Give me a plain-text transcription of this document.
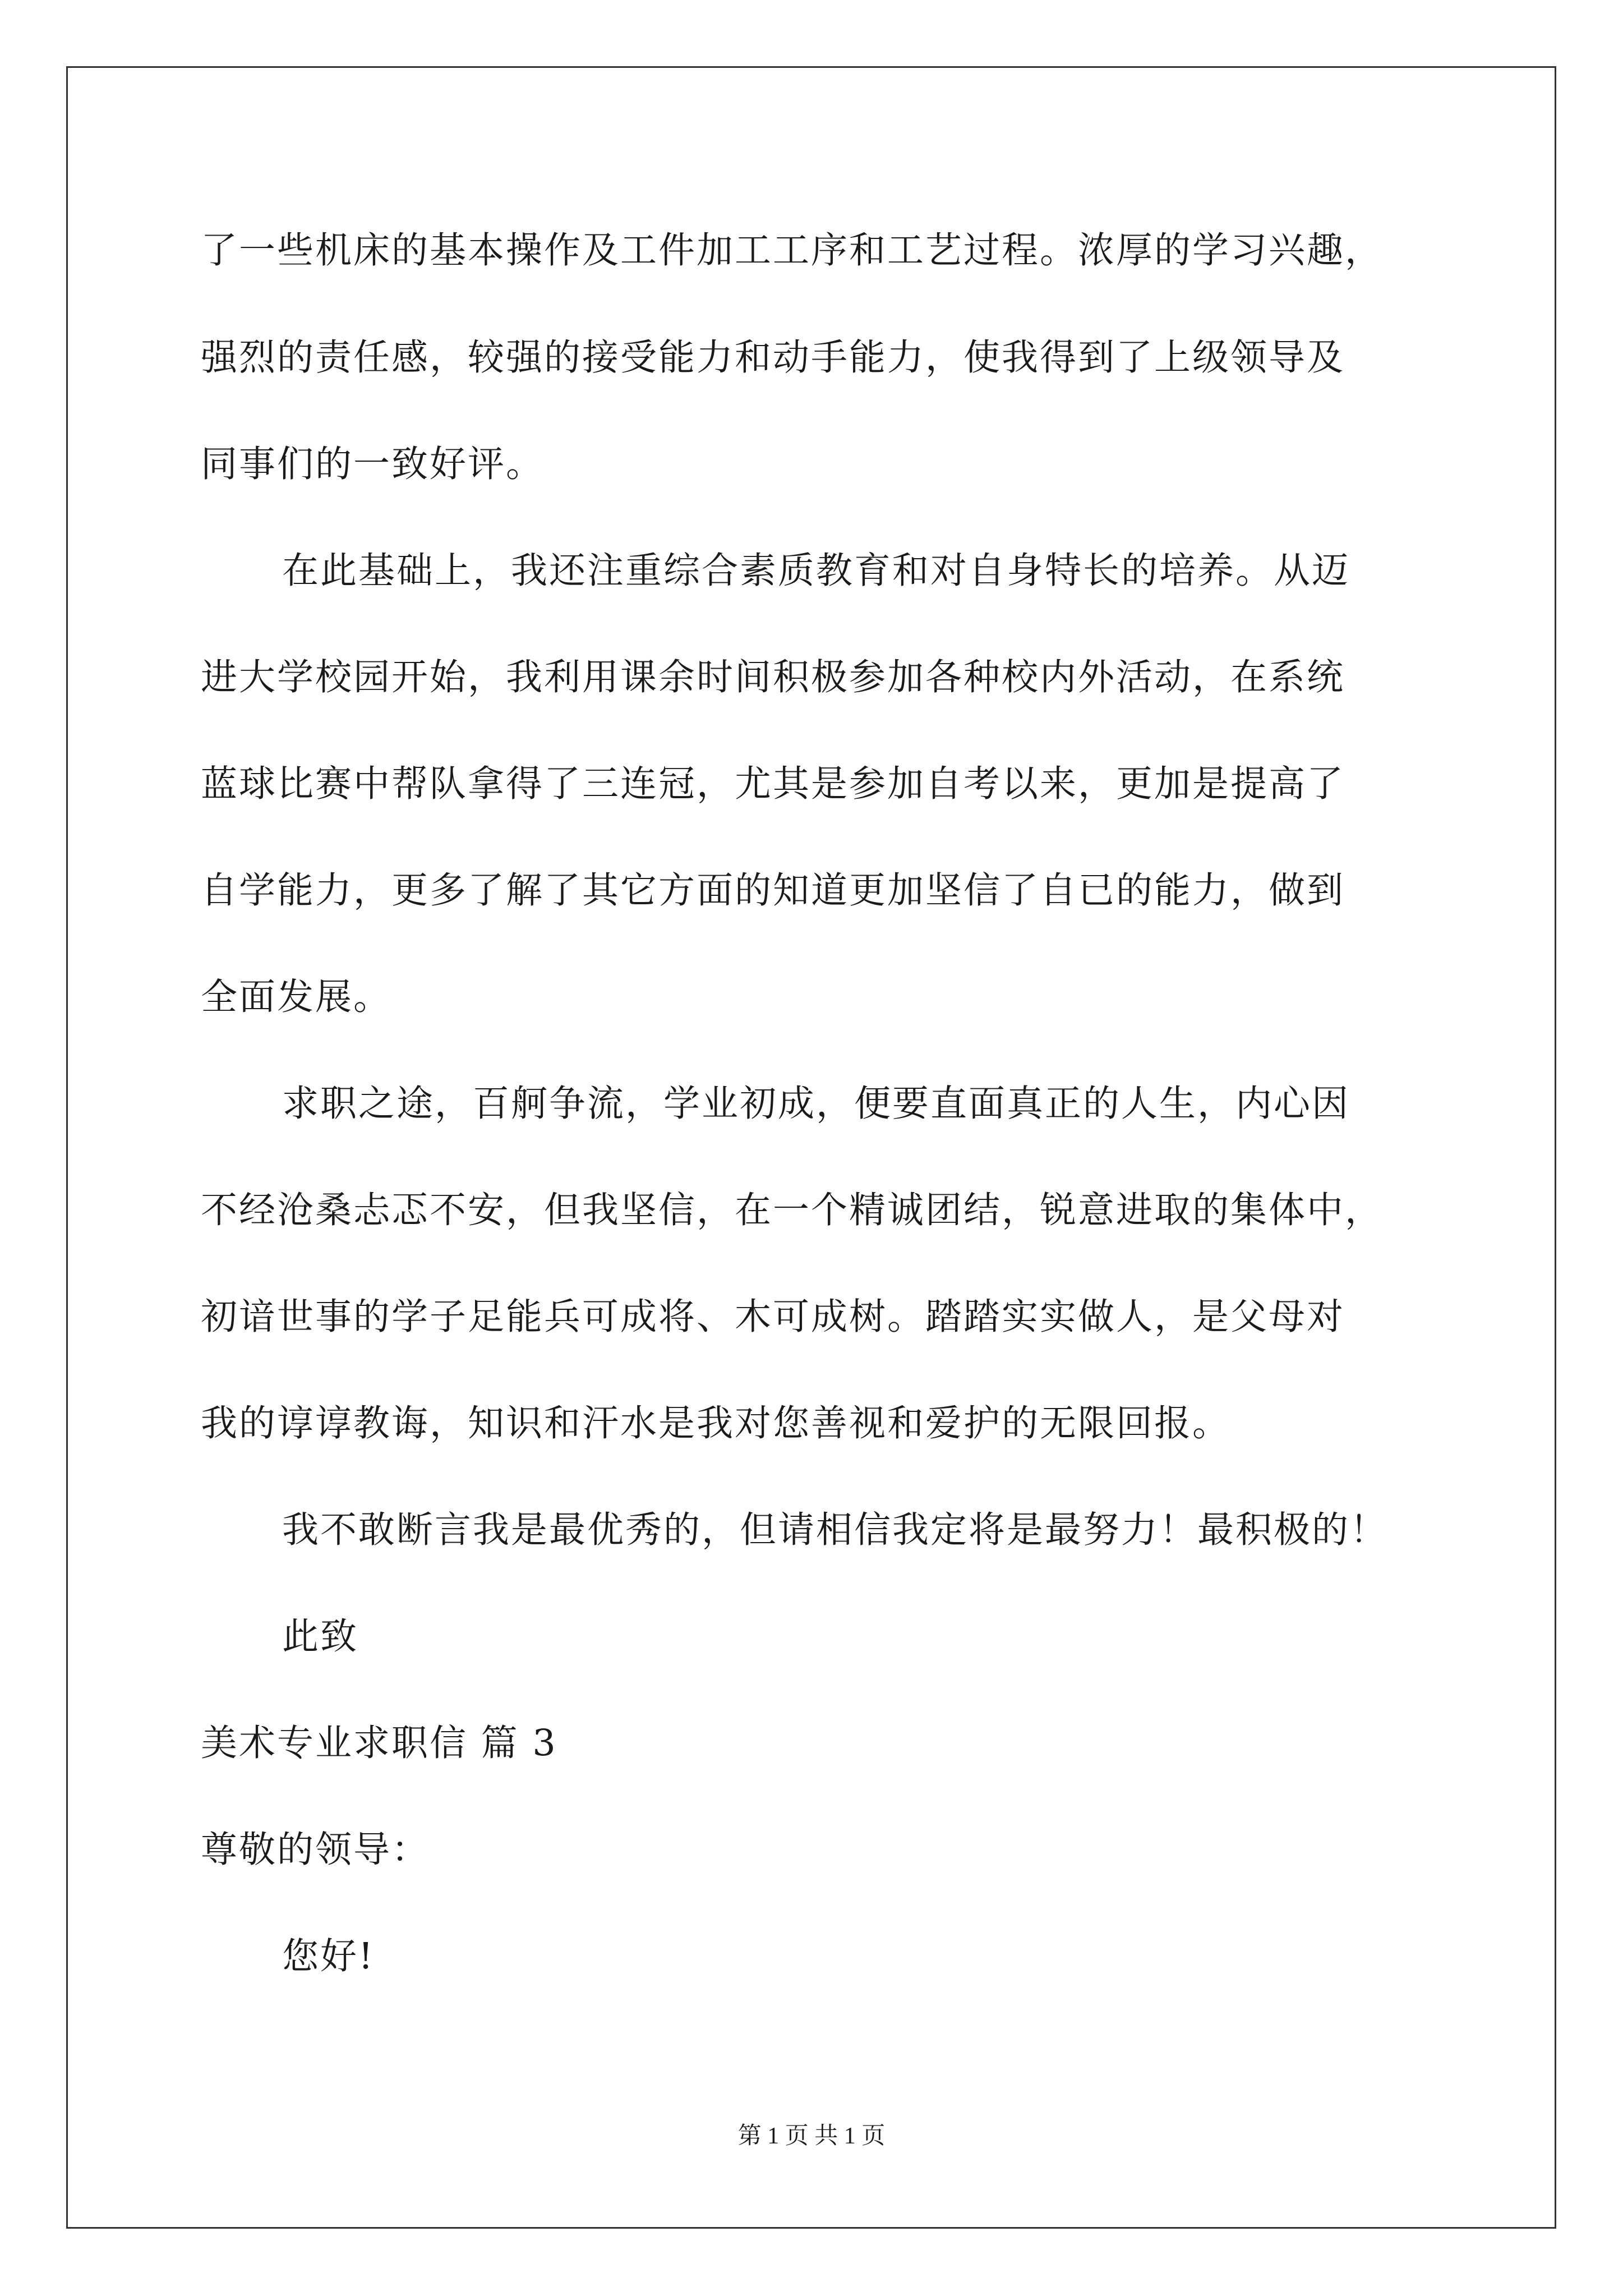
了一些机床的基本操作及工件加工工序和工艺过程。浓厚的学习兴趣，
强烈的责任感，较强的接受能力和动手能力，使我得到了上级领导及
同事们的一致好评。
在此基础上，我还注重综合素质教育和对自身特长的培养。从迈
进大学校园开始，我利用课余时间积极参加各种校内外活动，在系统
蓝球比赛中帮队拿得了三连冠，尤其是参加自考以来，更加是提高了
自学能力，更多了解了其它方面的知道更加坚信了自已的能力，做到
全面发展。
求职之途，百舸争流，学业初成，便要直面真正的人生，内心因
不经沧桑忐忑不安，但我坚信，在一个精诚团结，锐意进取的集体中，
初谙世事的学子足能兵可成将、木可成树。踏踏实实做人，是父母对
我的谆谆教诲，知识和汗水是我对您善视和爱护的无限回报。
我不敢断言我是最优秀的，但请相信我定将是最努力！最积极的！
此致
美术专业求职信 篇 3
尊敬的领导：
您好!
第 1 页 共 1 页
